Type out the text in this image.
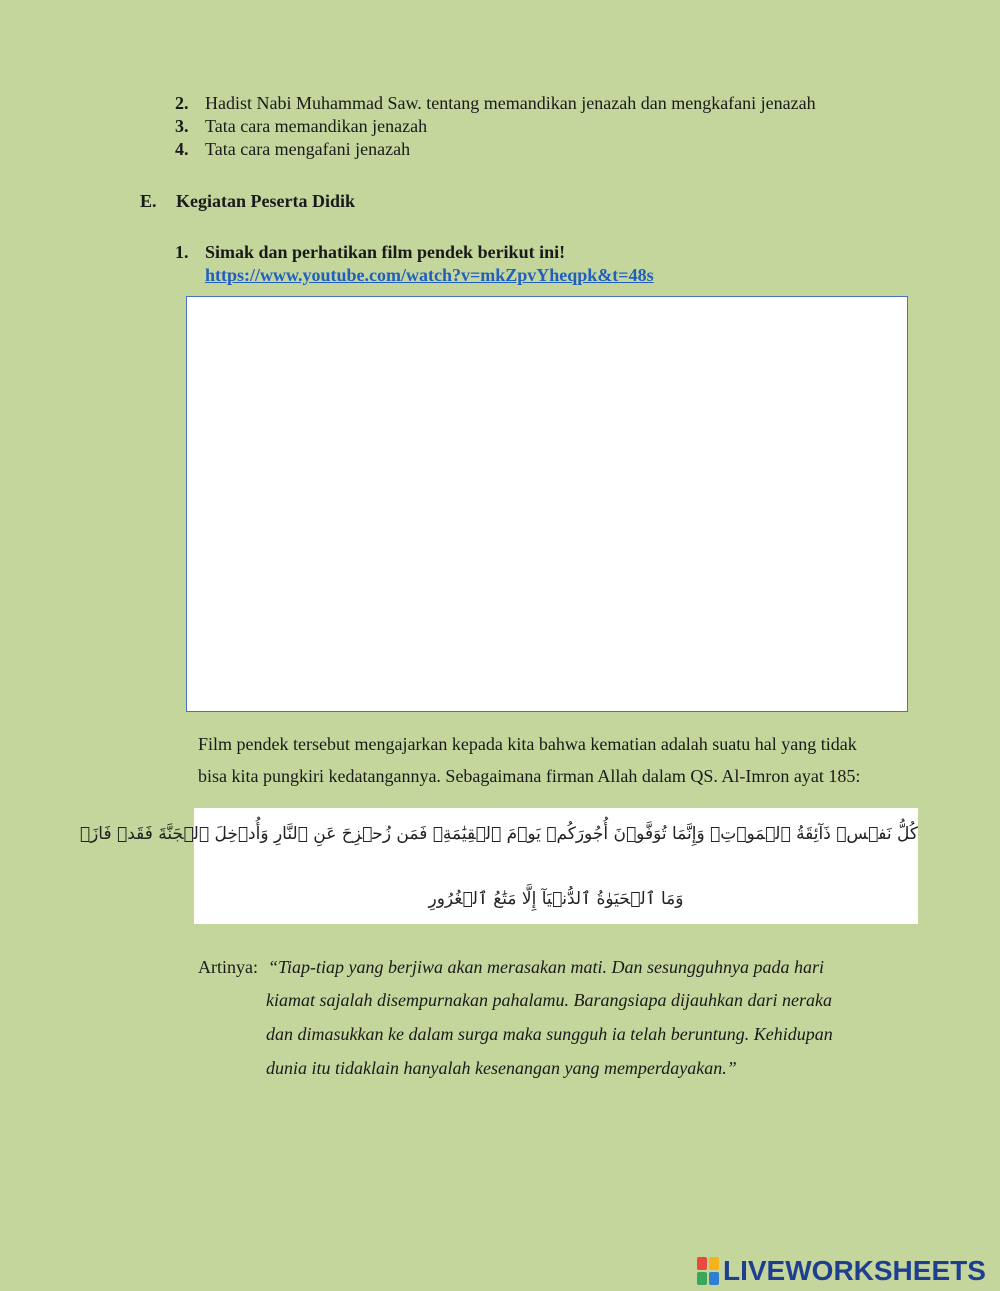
2. Hadist Nabi Muhammad Saw. tentang memandikan jenazah dan mengkafani jenazah
3. Tata cara memandikan jenazah
4. Tata cara mengafani jenazah
E. Kegiatan Peserta Didik
1. Simak dan perhatikan film pendek berikut ini!
https://www.youtube.com/watch?v=mkZpvYheqpk&t=48s
Film pendek tersebut mengajarkan kepada kita bahwa kematian adalah suatu hal yang tidak
bisa kita pungkiri kedatangannya. Sebagaimana firman Allah dalam QS. Al-Imron ayat 185:
كُلُّ نَفۡسٖ ذَآئِقَةُ ٱلۡمَوۡتِۗ وَإِنَّمَا تُوَفَّوۡنَ أُجُورَكُمۡ يَوۡمَ ٱلۡقِيَٰمَةِۖ فَمَن زُحۡزِحَ عَنِ ٱلنَّارِ وَأُدۡخِلَ ٱلۡجَنَّةَ فَقَدۡ فَازَۗ
وَمَا ٱلۡحَيَوٰةُ ٱلدُّنۡيَآ إِلَّا مَتَٰعُ ٱلۡغُرُورِ
Artinya: “Tiap-tiap yang berjiwa akan merasakan mati. Dan sesungguhnya pada hari
kiamat sajalah disempurnakan pahalamu. Barangsiapa dijauhkan dari neraka
dan dimasukkan ke dalam surga maka sungguh ia telah beruntung. Kehidupan
dunia itu tidaklain hanyalah kesenangan yang memperdayakan.”
LIVEWORKSHEETS
